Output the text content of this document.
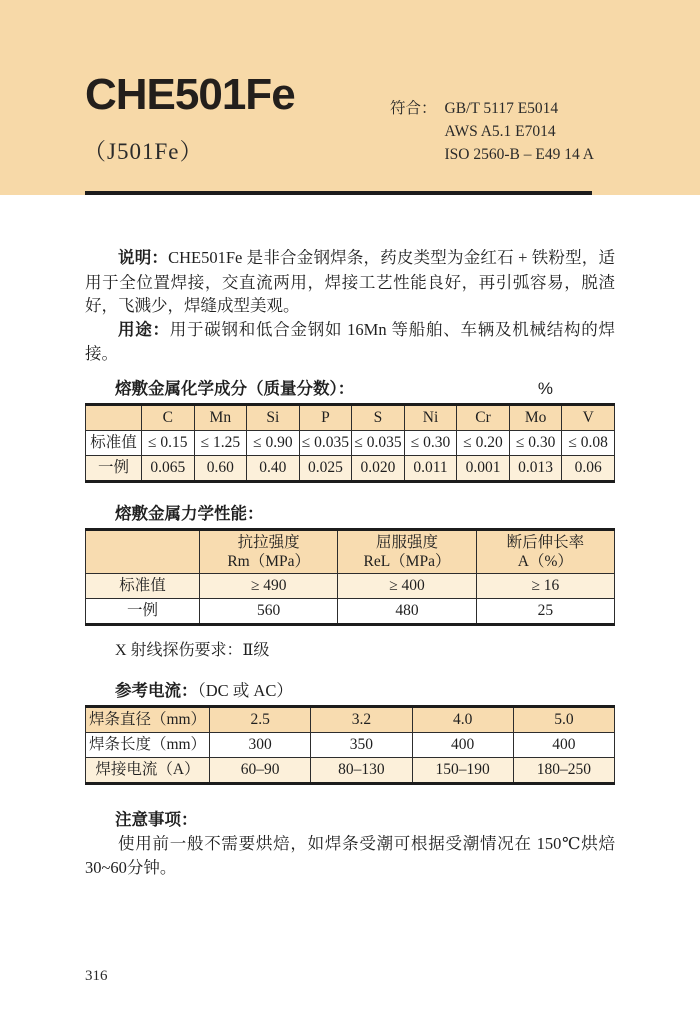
CHE501Fe
（J501Fe）
符合： GB/T 5117 E5014
AWS A5.1 E7014
ISO 2560-B – E49 14 A

说明：CHE501Fe 是非合金钢焊条，药皮类型为金红石 + 铁粉型，适用于全位置焊接，交直流两用，焊接工艺性能良好，再引弧容易，脱渣好，飞溅少，焊缝成型美观。

用途：用于碳钢和低合金钢如 16Mn 等船舶、车辆及机械结构的焊接。

熔敷金属化学成分（质量分数）：	%
	C	Mn	Si	P	S	Ni	Cr	Mo	V
标准值	≤ 0.15	≤ 1.25	≤ 0.90	≤ 0.035	≤ 0.035	≤ 0.30	≤ 0.20	≤ 0.30	≤ 0.08
一例	0.065	0.60	0.40	0.025	0.020	0.011	0.001	0.013	0.06
熔敷金属力学性能：

抗拉强度
Rm（MPa）

屈服强度
ReL（MPa）

断后伸长率
A（%）

标准值	≥ 490	≥ 400	≥ 16
一例	560	480	25
X 射线探伤要求：Ⅱ级
参考电流：（DC 或 AC）
焊条直径（mm）	2.5	3.2	4.0	5.0
焊条长度（mm）	300	350	400	400
焊接电流（A）	60–90	80–130	150–190	180–250
注意事项：

使用前一般不需要烘焙，如焊条受潮可根据受潮情况在 150℃烘焙 30~60分钟。

316
